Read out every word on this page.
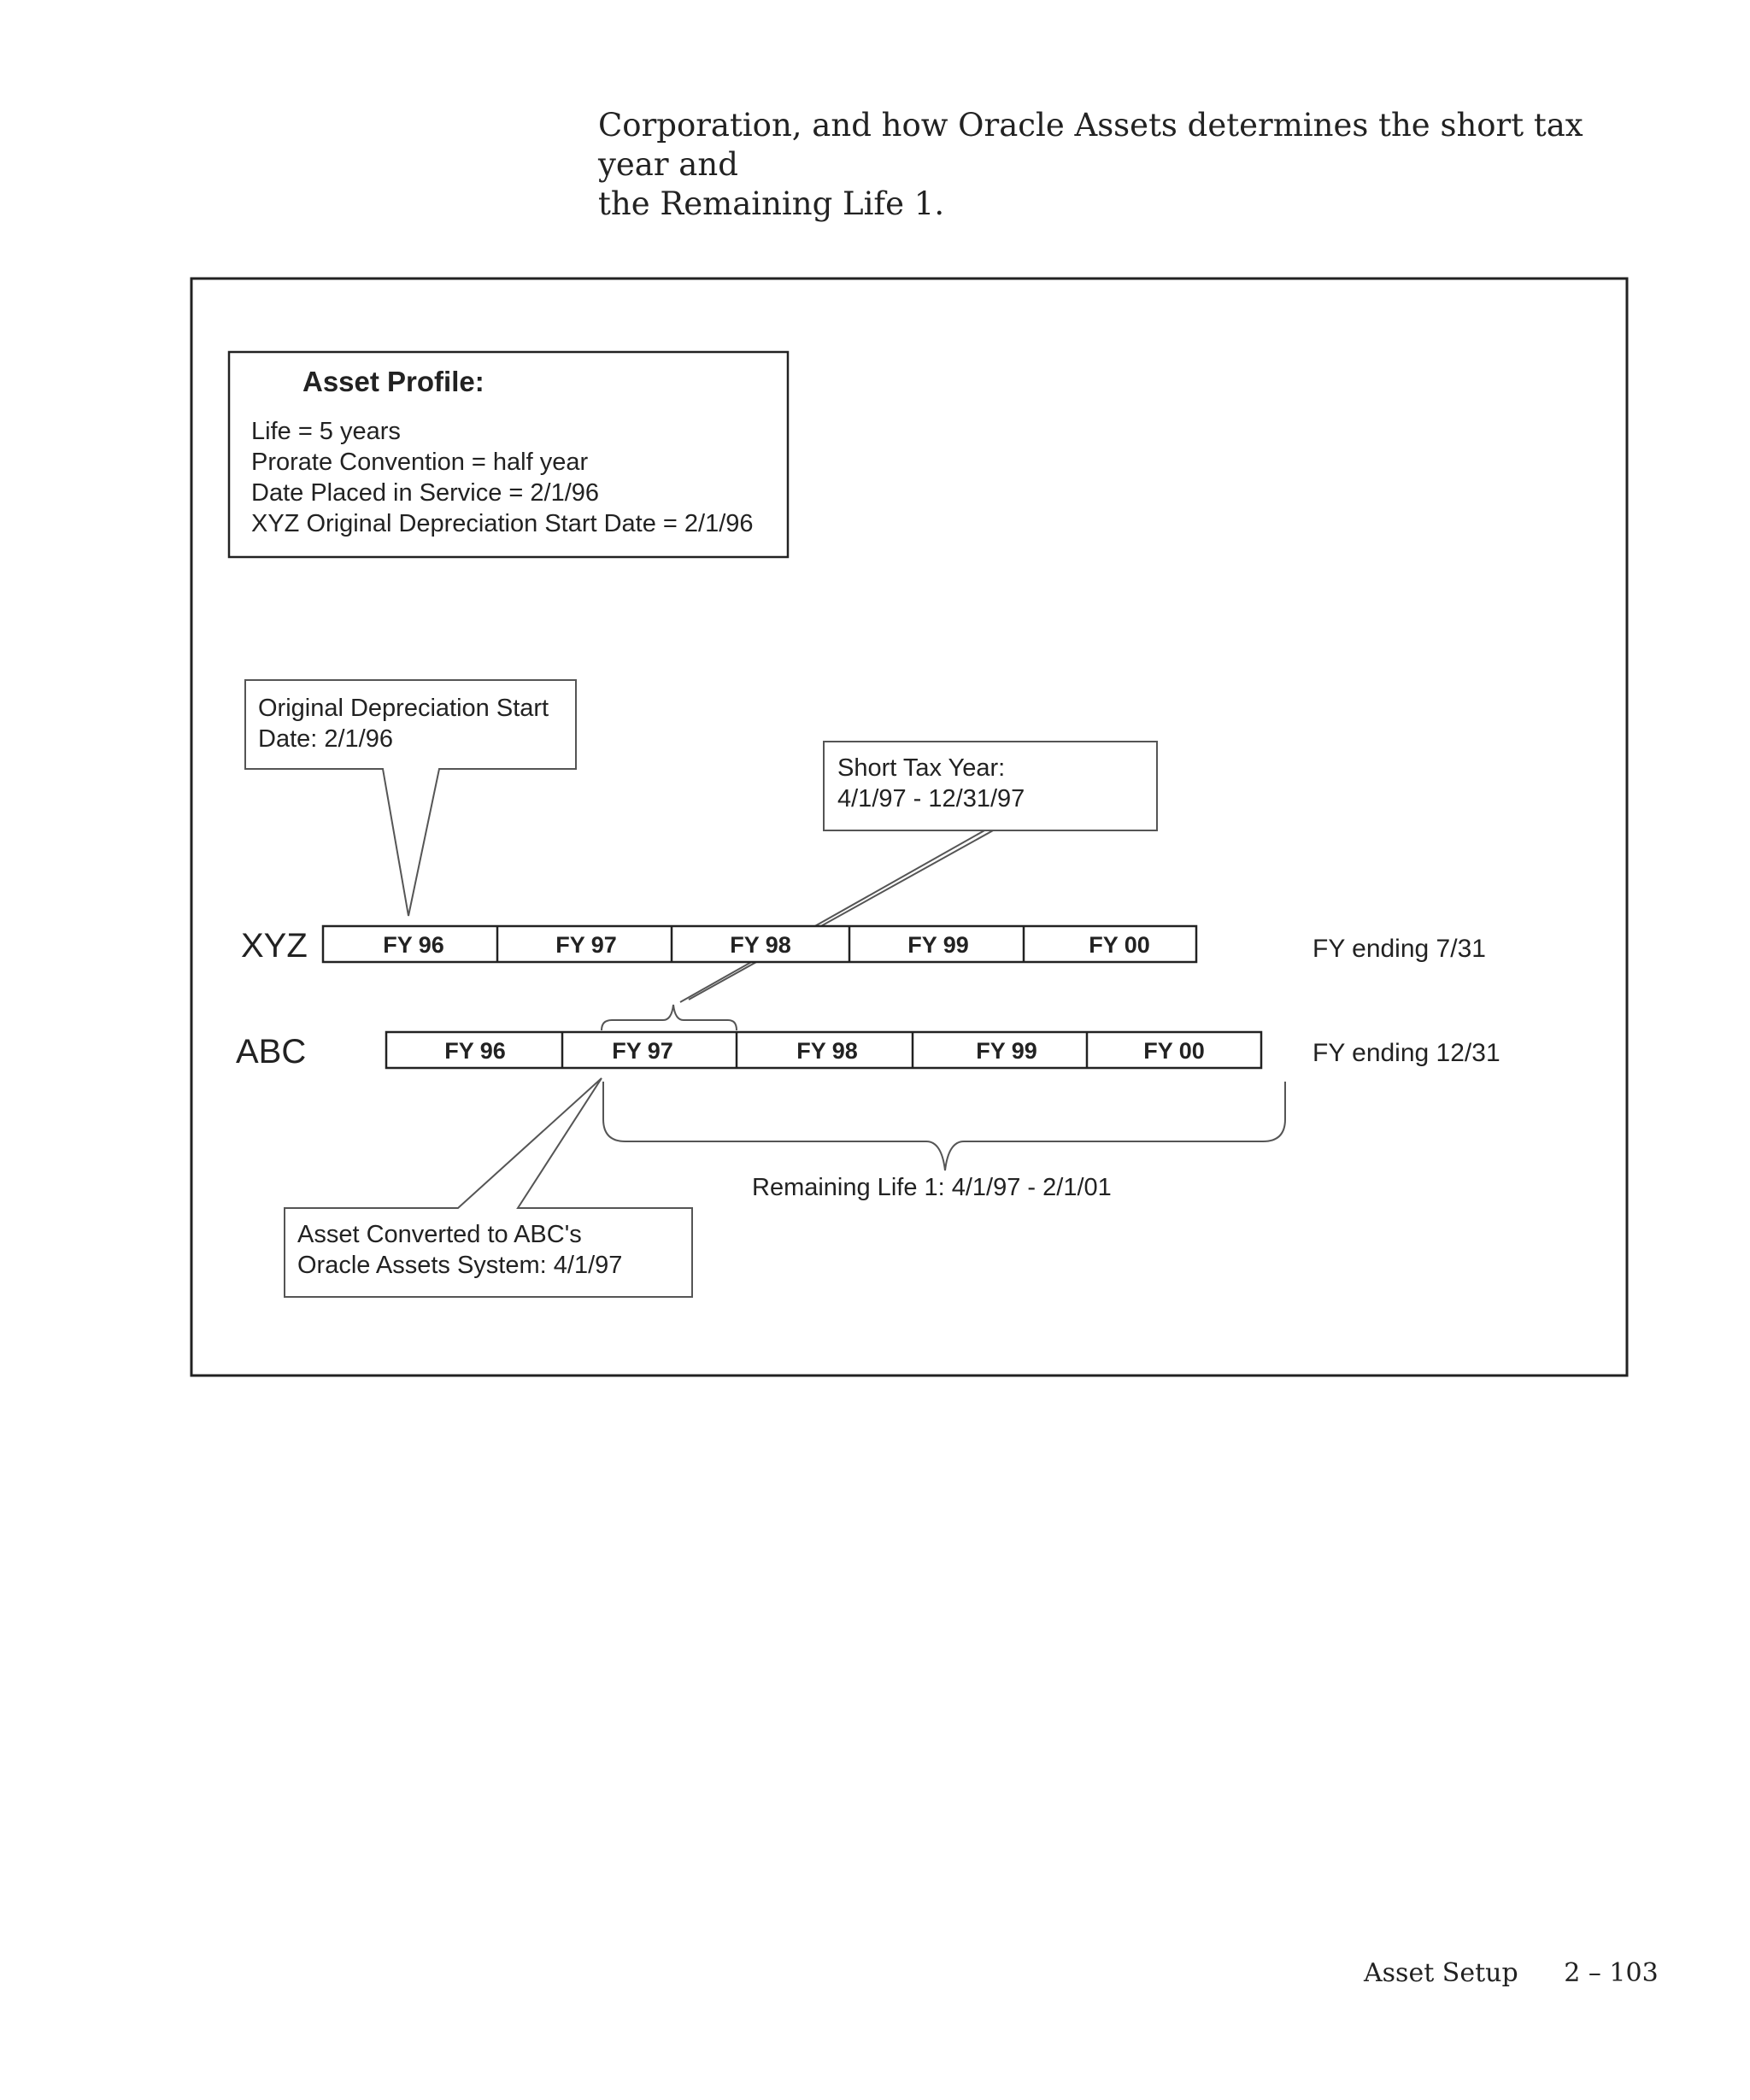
Corporation, and how Oracle Assets determines the short tax year and
the Remaining Life 1.

Asset Profile:
Life = 5 years
Prorate Convention = half year
Date Placed in Service = 2/1/96
XYZ Original Depreciation Start Date = 2/1/96
Original Depreciation Start
Date: 2/1/96
Short Tax Year:
4/1/97 - 12/31/97
XYZ	FY 96	FY 97	FY 98	FY 99	FY 00	FY ending 7/31
ABC	FY 96	FY 97	FY 98	FY 99	FY 00	FY ending 12/31
Remaining Life 1: 4/1/97 - 2/1/01
Asset Converted to ABC's
Oracle Assets System: 4/1/97
Asset Setup 2 – 103
